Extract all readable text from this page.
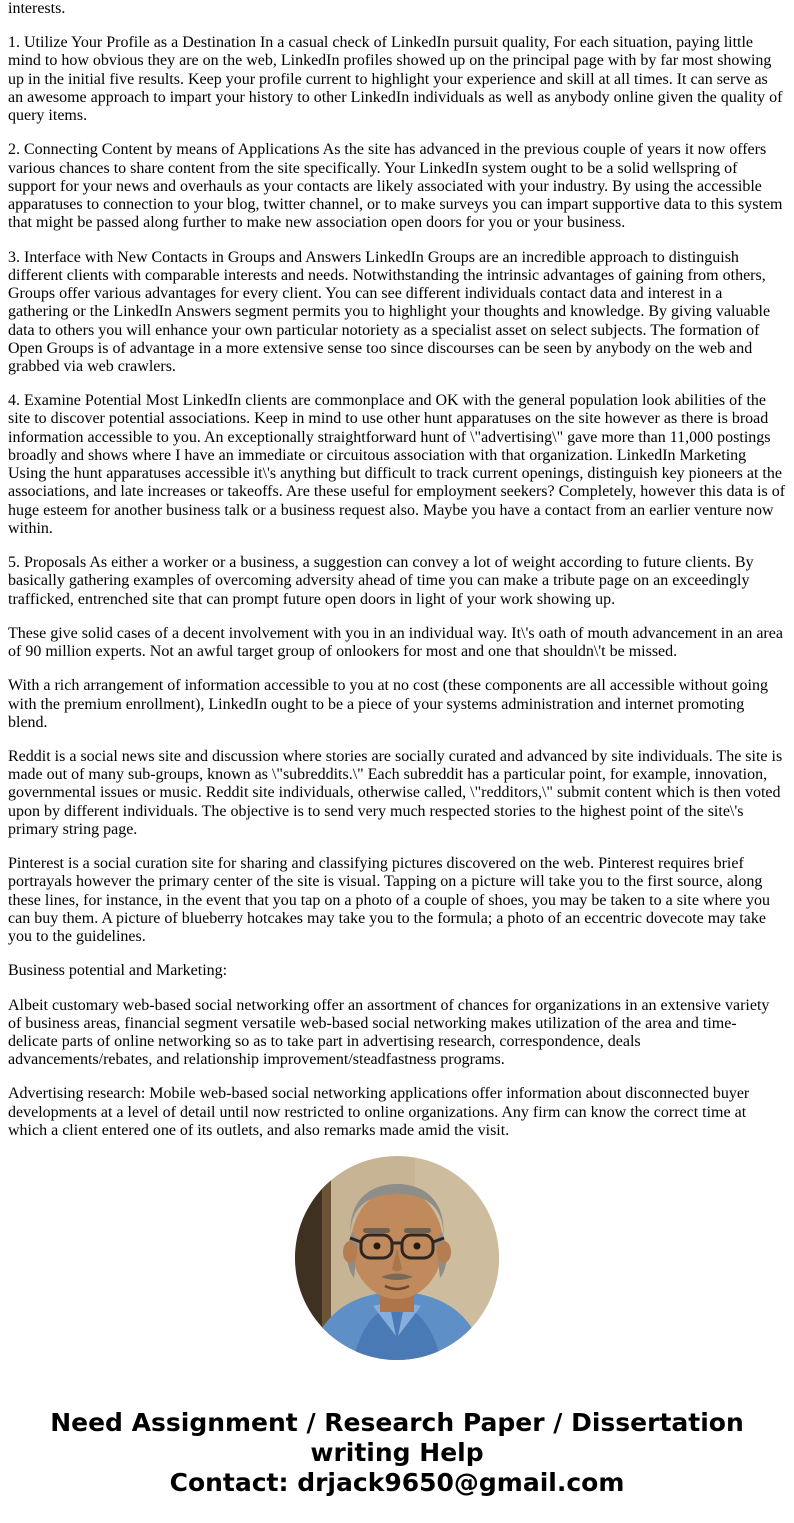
interests.

1. Utilize Your Profile as a Destination In a casual check of LinkedIn pursuit quality, For each situation, paying little mind to how obvious they are on the web, LinkedIn profiles showed up on the principal page with by far most showing up in the initial five results. Keep your profile current to highlight your experience and skill at all times. It can serve as an awesome approach to impart your history to other LinkedIn individuals as well as anybody online given the quality of query items.

2. Connecting Content by means of Applications As the site has advanced in the previous couple of years it now offers various chances to share content from the site specifically. Your LinkedIn system ought to be a solid wellspring of support for your news and overhauls as your contacts are likely associated with your industry. By using the accessible apparatuses to connection to your blog, twitter channel, or to make surveys you can impart supportive data to this system that might be passed along further to make new association open doors for you or your business.

3. Interface with New Contacts in Groups and Answers LinkedIn Groups are an incredible approach to distinguish different clients with comparable interests and needs. Notwithstanding the intrinsic advantages of gaining from others, Groups offer various advantages for every client. You can see different individuals contact data and interest in a gathering or the LinkedIn Answers segment permits you to highlight your thoughts and knowledge. By giving valuable data to others you will enhance your own particular notoriety as a specialist asset on select subjects. The formation of Open Groups is of advantage in a more extensive sense too since discourses can be seen by anybody on the web and grabbed via web crawlers.

4. Examine Potential Most LinkedIn clients are commonplace and OK with the general population look abilities of the site to discover potential associations. Keep in mind to use other hunt apparatuses on the site however as there is broad information accessible to you. An exceptionally straightforward hunt of \"advertising\" gave more than 11,000 postings broadly and shows where I have an immediate or circuitous association with that organization. LinkedIn Marketing Using the hunt apparatuses accessible it\'s anything but difficult to track current openings, distinguish key pioneers at the associations, and late increases or takeoffs. Are these useful for employment seekers? Completely, however this data is of huge esteem for another business talk or a business request also. Maybe you have a contact from an earlier venture now within.

5. Proposals As either a worker or a business, a suggestion can convey a lot of weight according to future clients. By basically gathering examples of overcoming adversity ahead of time you can make a tribute page on an exceedingly trafficked, entrenched site that can prompt future open doors in light of your work showing up.

These give solid cases of a decent involvement with you in an individual way. It\'s oath of mouth advancement in an area of 90 million experts. Not an awful target group of onlookers for most and one that shouldn\'t be missed.

With a rich arrangement of information accessible to you at no cost (these components are all accessible without going with the premium enrollment), LinkedIn ought to be a piece of your systems administration and internet promoting blend.

Reddit is a social news site and discussion where stories are socially curated and advanced by site individuals. The site is made out of many sub-groups, known as \"subreddits.\" Each subreddit has a particular point, for example, innovation, governmental issues or music. Reddit site individuals, otherwise called, \"redditors,\" submit content which is then voted upon by different individuals. The objective is to send very much respected stories to the highest point of the site\'s primary string page.

Pinterest is a social curation site for sharing and classifying pictures discovered on the web. Pinterest requires brief portrayals however the primary center of the site is visual. Tapping on a picture will take you to the first source, along these lines, for instance, in the event that you tap on a photo of a couple of shoes, you may be taken to a site where you can buy them. A picture of blueberry hotcakes may take you to the formula; a photo of an eccentric dovecote may take you to the guidelines.

Business potential and Marketing:

Albeit customary web-based social networking offer an assortment of chances for organizations in an extensive variety of business areas, financial segment versatile web-based social networking makes utilization of the area and time-delicate parts of online networking so as to take part in advertising research, correspondence, deals advancements/rebates, and relationship improvement/steadfastness programs.

Advertising research: Mobile web-based social networking applications offer information about disconnected buyer developments at a level of detail until now restricted to online organizations. Any firm can know the correct time at which a client entered one of its outlets, and also remarks made amid the visit.

Need Assignment / Research Paper / Dissertation writing Help
Contact: drjack9650@gmail.com
